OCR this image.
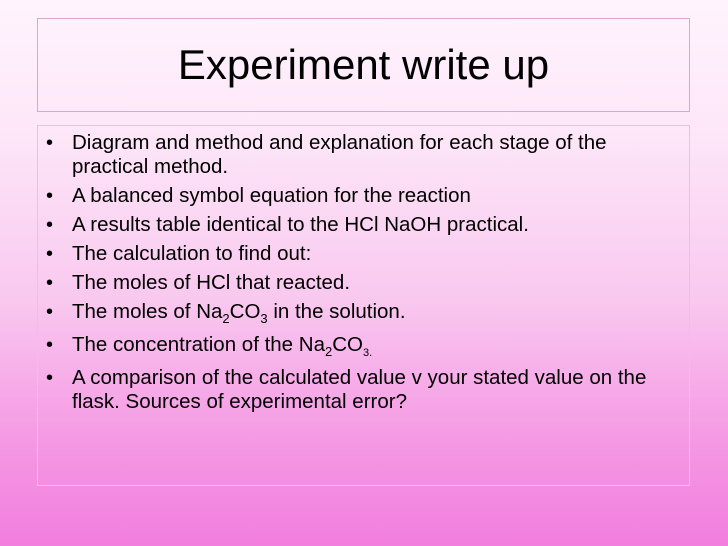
Experiment write up
• Diagram and method and explanation for each stage of the practical method.
• A balanced symbol equation for the reaction
• A results table identical to the HCl NaOH practical.
• The calculation to find out:
• The moles of HCl that reacted.
• The moles of $Na_2CO_3$ in the solution.
• The concentration of the $Na_2CO_{3.}$
• A comparison of the calculated value v your stated value on the flask. Sources of experimental error?
